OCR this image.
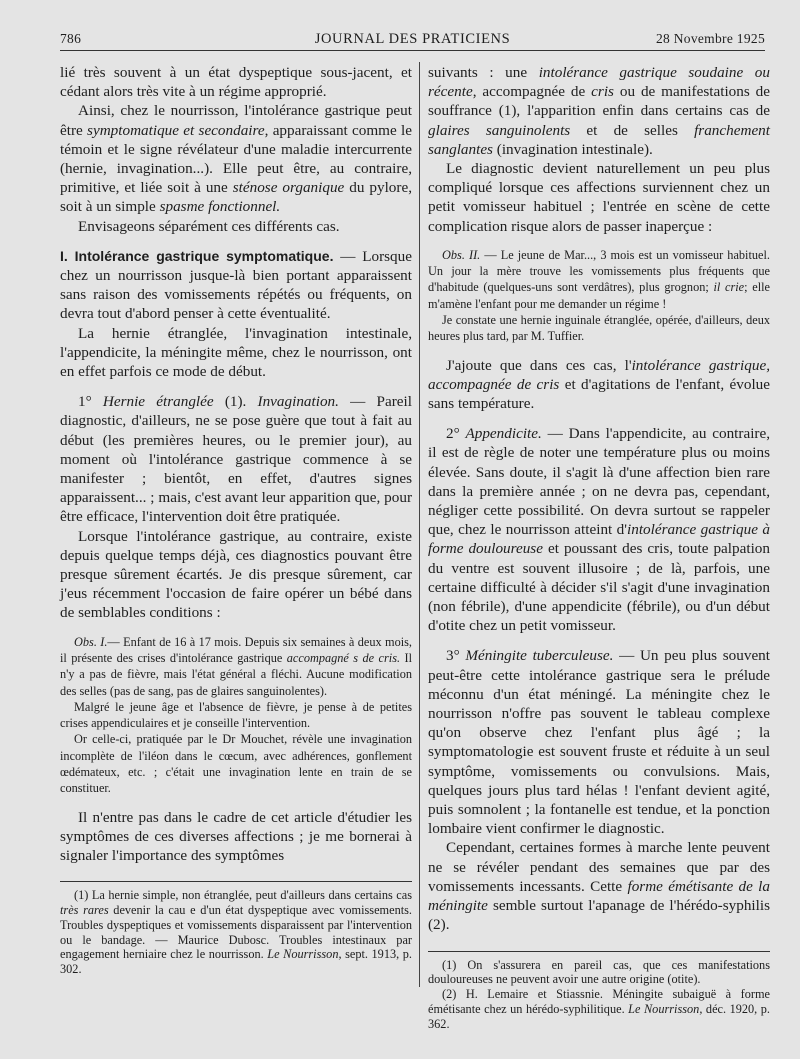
JOURNAL DES PRATICIENS
786	28 Novembre 1925

lié très souvent à un état dyspeptique sous-jacent, et cédant alors très vite à un régime approprié.

Ainsi, chez le nourrisson, l'intolérance gastrique peut être symptomatique et secondaire, apparaissant comme le témoin et le signe révélateur d'une maladie intercurrente (hernie, invagination...). Elle peut être, au contraire, primitive, et liée soit à une sténose organique du pylore, soit à un simple spasme fonctionnel.

Envisageons séparément ces différents cas.

I. Intolérance gastrique symptomatique. — Lorsque chez un nourrisson jusque-là bien portant apparaissent sans raison des vomissements répétés ou fréquents, on devra tout d'abord penser à cette éventualité.

La hernie étranglée, l'invagination intestinale, l'appendicite, la méningite même, chez le nourrisson, ont en effet parfois ce mode de début.

1° Hernie étranglée (1). Invagination. — Pareil diagnostic, d'ailleurs, ne se pose guère que tout à fait au début (les premières heures, ou le premier jour), au moment où l'intolérance gastrique commence à se manifester ; bientôt, en effet, d'autres signes apparaissent... ; mais, c'est avant leur apparition que, pour être efficace, l'intervention doit être pratiquée.

Lorsque l'intolérance gastrique, au contraire, existe depuis quelque temps déjà, ces diagnostics pouvant être presque sûrement écartés. Je dis presque sûrement, car j'eus récemment l'occasion de faire opérer un bébé dans de semblables conditions :

Obs. I.— Enfant de 16 à 17 mois. Depuis six semaines à deux mois, il présente des crises d'intolérance gastrique accompagné s de cris. Il n'y a pas de fièvre, mais l'état général a fléchi. Aucune modification des selles (pas de sang, pas de glaires sanguinolentes).

Malgré le jeune âge et l'absence de fièvre, je pense à de petites crises appendiculaires et je conseille l'intervention.

Or celle-ci, pratiquée par le Dr Mouchet, révèle une invagination incomplète de l'iléon dans le cœcum, avec adhérences, gonflement œdémateux, etc. ; c'était une invagination lente en train de se constituer.

Il n'entre pas dans le cadre de cet article d'étudier les symptômes de ces diverses affections ; je me bornerai à signaler l'importance des symptômes

(1) La hernie simple, non étranglée, peut d'ailleurs dans certains cas très rares devenir la cau e d'un état dyspeptique avec vomissements. Troubles dyspeptiques et vomissements disparaissent par l'intervention ou le bandage. — Maurice Dubosc. Troubles intestinaux par engagement herniaire chez le nourrisson. Le Nourrisson, sept. 1913, p. 302.

suivants : une intolérance gastrique soudaine ou récente, accompagnée de cris ou de manifestations de souffrance (1), l'apparition enfin dans certains cas de glaires sanguinolents et de selles franchement sanglantes (invagination intestinale).

Le diagnostic devient naturellement un peu plus compliqué lorsque ces affections surviennent chez un petit vomisseur habituel ; l'entrée en scène de cette complication risque alors de passer inaperçue :

Obs. II. — Le jeune de Mar..., 3 mois est un vomisseur habituel. Un jour la mère trouve les vomissements plus fréquents que d'habitude (quelques-uns sont verdâtres), plus grognon; il crie; elle m'amène l'enfant pour me demander un régime !

Je constate une hernie inguinale étranglée, opérée, d'ailleurs, deux heures plus tard, par M. Tuffier.

J'ajoute que dans ces cas, l'intolérance gastrique, accompagnée de cris et d'agitations de l'enfant, évolue sans température.

2° Appendicite. — Dans l'appendicite, au contraire, il est de règle de noter une température plus ou moins élevée. Sans doute, il s'agit là d'une affection bien rare dans la première année ; on ne devra pas, cependant, négliger cette possibilité. On devra surtout se rappeler que, chez le nourrisson atteint d'intolérance gastrique à forme douloureuse et poussant des cris, toute palpation du ventre est souvent illusoire ; de là, parfois, une certaine difficulté à décider s'il s'agit d'une invagination (non fébrile), d'une appendicite (fébrile), ou d'un début d'otite chez un petit vomisseur.

3° Méningite tuberculeuse. — Un peu plus souvent peut-être cette intolérance gastrique sera le prélude méconnu d'un état méningé. La méningite chez le nourrisson n'offre pas souvent le tableau complexe qu'on observe chez l'enfant plus âgé ; la symptomatologie est souvent fruste et réduite à un seul symptôme, vomissements ou convulsions. Mais, quelques jours plus tard hélas ! l'enfant devient agité, puis somnolent ; la fontanelle est tendue, et la ponction lombaire vient confirmer le diagnostic.

Cependant, certaines formes à marche lente peuvent ne se révéler pendant des semaines que par des vomissements incessants. Cette forme émétisante de la méningite semble surtout l'apanage de l'hérédo-syphilis (2).

(1) On s'assurera en pareil cas, que ces manifestations douloureuses ne peuvent avoir une autre origine (otite).

(2) H. Lemaire et Stiassnie. Méningite subaiguë à forme émétisante chez un hérédo-syphilitique. Le Nourrisson, déc. 1920, p. 362.
